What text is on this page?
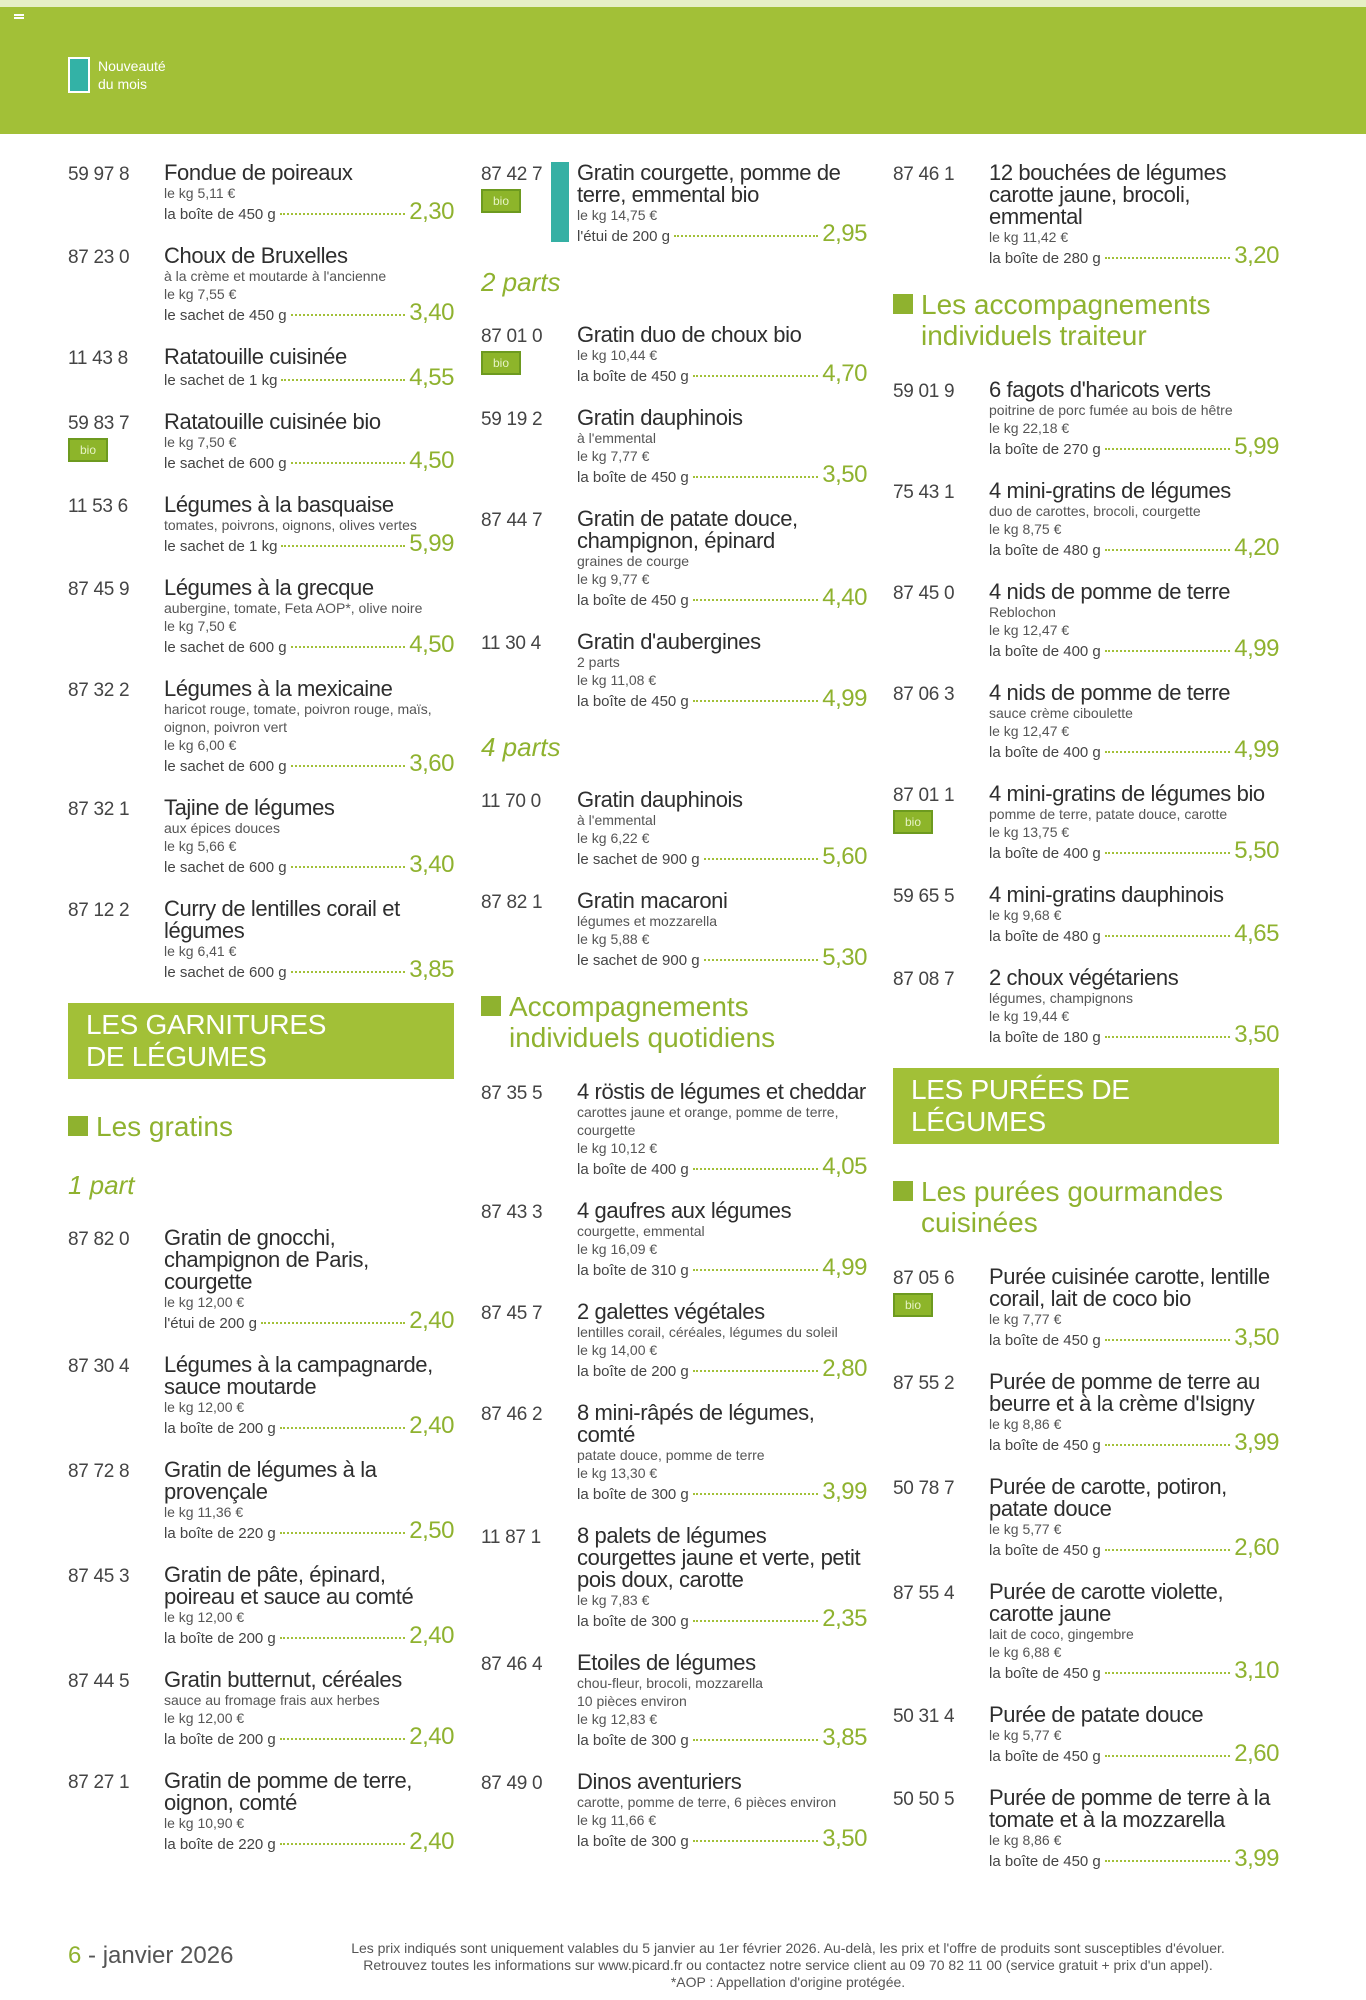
Nouveauté
du mois
59 97 8 Fondue de poireaux
le kg 5,11 €
la boîte de 450 g	2,30
87 23 0 Choux de Bruxelles
à la crème et moutarde à l'ancienne
le kg 7,55 €
le sachet de 450 g	3,40
11 43 8 Ratatouille cuisinée
le sachet de 1 kg	4,55
59 83 7
bio
Ratatouille cuisinée bio
le kg 7,50 €
le sachet de 600 g	4,50
11 53 6 Légumes à la basquaise
tomates, poivrons, oignons, olives vertes
le sachet de 1 kg	5,99
87 45 9 Légumes à la grecque
aubergine, tomate, Feta AOP*, olive noire
le kg 7,50 €
le sachet de 600 g	4,50
87 32 2 Légumes à la mexicaine
haricot rouge, tomate, poivron rouge, maïs,
oignon, poivron vert
le kg 6,00 €
le sachet de 600 g	3,60
87 32 1 Tajine de légumes
aux épices douces
le kg 5,66 €
le sachet de 600 g	3,40
87 12 2 Curry de lentilles corail et légumes
le kg 6,41 €
le sachet de 600 g	3,85
LES GARNITURES
DE LÉGUMES
Les gratins
1 part
87 82 0 Gratin de gnocchi, champignon de Paris, courgette
le kg 12,00 €
l'étui de 200 g	2,40
87 30 4 Légumes à la campagnarde, sauce moutarde
le kg 12,00 €
la boîte de 200 g	2,40
87 72 8 Gratin de légumes à la provençale
le kg 11,36 €
la boîte de 220 g	2,50
87 45 3 Gratin de pâte, épinard, poireau et sauce au comté
le kg 12,00 €
la boîte de 200 g	2,40
87 44 5 Gratin butternut, céréales
sauce au fromage frais aux herbes
le kg 12,00 €
la boîte de 200 g	2,40
87 27 1 Gratin de pomme de terre, oignon, comté
le kg 10,90 €
la boîte de 220 g	2,40
87 42 7
bio
Gratin courgette, pomme de terre, emmental bio
le kg 14,75 €
l'étui de 200 g	2,95
2 parts
87 01 0
bio
Gratin duo de choux bio
le kg 10,44 €
la boîte de 450 g	4,70
59 19 2 Gratin dauphinois
à l'emmental
le kg 7,77 €
la boîte de 450 g	3,50
87 44 7 Gratin de patate douce, champignon, épinard
graines de courge
le kg 9,77 €
la boîte de 450 g	4,40
11 30 4 Gratin d'aubergines
2 parts
le kg 11,08 €
la boîte de 450 g	4,99
4 parts
11 70 0 Gratin dauphinois
à l'emmental
le kg 6,22 €
le sachet de 900 g	5,60
87 82 1 Gratin macaroni
légumes et mozzarella
le kg 5,88 €
le sachet de 900 g	5,30
Accompagnements individuels quotidiens
87 35 5 4 röstis de légumes et cheddar
carottes jaune et orange, pomme de terre,
courgette
le kg 10,12 €
la boîte de 400 g	4,05
87 43 3 4 gaufres aux légumes
courgette, emmental
le kg 16,09 €
la boîte de 310 g	4,99
87 45 7 2 galettes végétales
lentilles corail, céréales, légumes du soleil
le kg 14,00 €
la boîte de 200 g	2,80
87 46 2 8 mini-râpés de légumes, comté
patate douce, pomme de terre
le kg 13,30 €
la boîte de 300 g	3,99
11 87 1 8 palets de légumes courgettes jaune et verte, petit pois doux, carotte
le kg 7,83 €
la boîte de 300 g	2,35
87 46 4 Etoiles de légumes
chou-fleur, brocoli, mozzarella
10 pièces environ
le kg 12,83 €
la boîte de 300 g	3,85
87 49 0 Dinos aventuriers
carotte, pomme de terre, 6 pièces environ
le kg 11,66 €
la boîte de 300 g	3,50
87 46 1 12 bouchées de légumes carotte jaune, brocoli, emmental
le kg 11,42 €
la boîte de 280 g	3,20
Les accompagnements individuels traiteur
59 01 9 6 fagots d'haricots verts
poitrine de porc fumée au bois de hêtre
le kg 22,18 €
la boîte de 270 g	5,99
75 43 1 4 mini-gratins de légumes
duo de carottes, brocoli, courgette
le kg 8,75 €
la boîte de 480 g	4,20
87 45 0 4 nids de pomme de terre
Reblochon
le kg 12,47 €
la boîte de 400 g	4,99
87 06 3 4 nids de pomme de terre
sauce crème ciboulette
le kg 12,47 €
la boîte de 400 g	4,99
87 01 1
bio
4 mini-gratins de légumes bio
pomme de terre, patate douce, carotte
le kg 13,75 €
la boîte de 400 g	5,50
59 65 5 4 mini-gratins dauphinois
le kg 9,68 €
la boîte de 480 g	4,65
87 08 7 2 choux végétariens
légumes, champignons
le kg 19,44 €
la boîte de 180 g	3,50
LES PURÉES DE LÉGUMES
Les purées gourmandes cuisinées
87 05 6
bio
Purée cuisinée carotte, lentille corail, lait de coco bio
le kg 7,77 €
la boîte de 450 g	3,50
87 55 2 Purée de pomme de terre au beurre et à la crème d'Isigny
le kg 8,86 €
la boîte de 450 g	3,99
50 78 7 Purée de carotte, potiron, patate douce
le kg 5,77 €
la boîte de 450 g	2,60
87 55 4 Purée de carotte violette, carotte jaune
lait de coco, gingembre
le kg 6,88 €
la boîte de 450 g	3,10
50 31 4 Purée de patate douce
le kg 5,77 €
la boîte de 450 g	2,60
50 50 5 Purée de pomme de terre à la tomate et à la mozzarella
le kg 8,86 €
la boîte de 450 g	3,99
6 - janvier 2026	Les prix indiqués sont uniquement valables du 5 janvier au 1er février 2026. Au-delà, les prix et l'offre de produits sont susceptibles d'évoluer.
Retrouvez toutes les informations sur www.picard.fr ou contactez notre service client au 09 70 82 11 00 (service gratuit + prix d'un appel).
*AOP : Appellation d'origine protégée.
